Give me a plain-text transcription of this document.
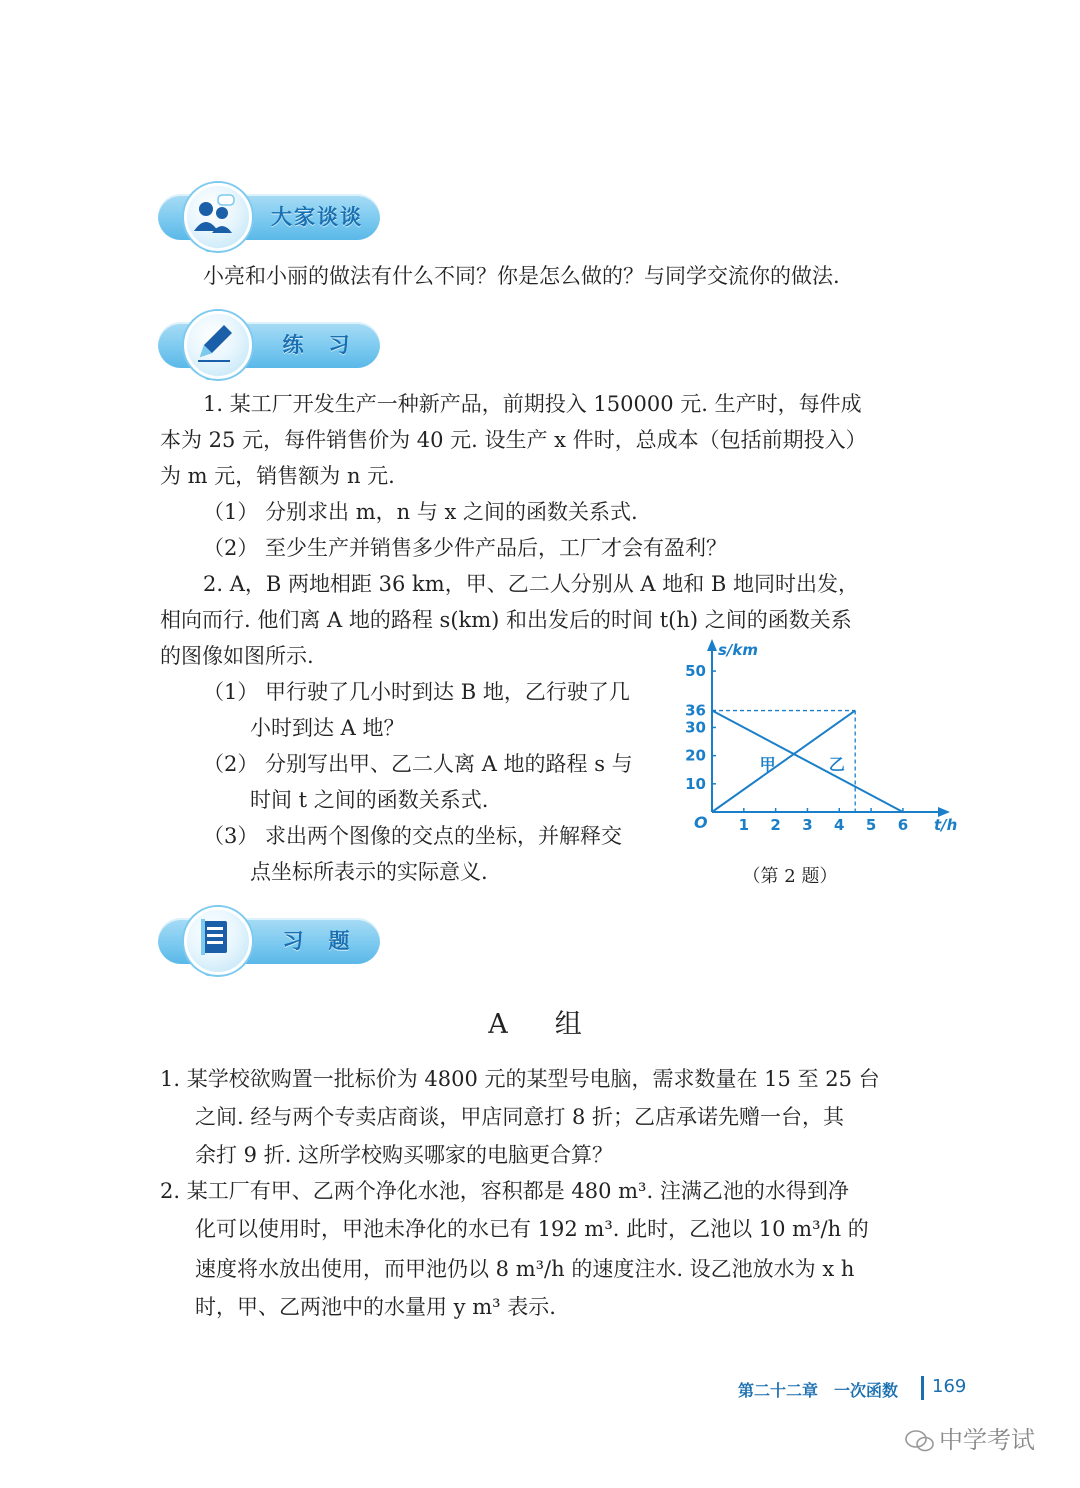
大家谈谈
小亮和小丽的做法有什么不同？你是怎么做的？与同学交流你的做法.
练　习
1. 某工厂开发生产一种新产品，前期投入 150000 元. 生产时，每件成
本为 25 元，每件销售价为 40 元. 设生产 x 件时，总成本（包括前期投入）
为 m 元，销售额为 n 元.
（1） 分别求出 m，n 与 x 之间的函数关系式.
（2） 至少生产并销售多少件产品后，工厂才会有盈利？
2. A，B 两地相距 36 km，甲、乙二人分别从 A 地和 B 地同时出发，
相向而行. 他们离 A 地的路程 s(km) 和出发后的时间 t(h) 之间的函数关系
的图像如图所示.
（1） 甲行驶了几小时到达 B 地，乙行驶了几
小时到达 A 地？
（2） 分别写出甲、乙二人离 A 地的路程 s 与
时间 t 之间的函数关系式.
（3） 求出两个图像的交点的坐标，并解释交
点坐标所表示的实际意义.
s/km
t/h
O 1 2 3 4 5 6
10
20
30
36
50
甲	乙
（第 2 题）
习　题
A　组
1. 某学校欲购置一批标价为 4800 元的某型号电脑，需求数量在 15 至 25 台
之间. 经与两个专卖店商谈，甲店同意打 8 折；乙店承诺先赠一台，其
余打 9 折. 这所学校购买哪家的电脑更合算？
2. 某工厂有甲、乙两个净化水池，容积都是 480 m³. 注满乙池的水得到净
化可以使用时，甲池未净化的水已有 192 m³. 此时，乙池以 10 m³/h 的
速度将水放出使用，而甲池仍以 8 m³/h 的速度注水. 设乙池放水为 x h
时，甲、乙两池中的水量用 y m³ 表示.
第二十二章　一次函数 169
中学考试
